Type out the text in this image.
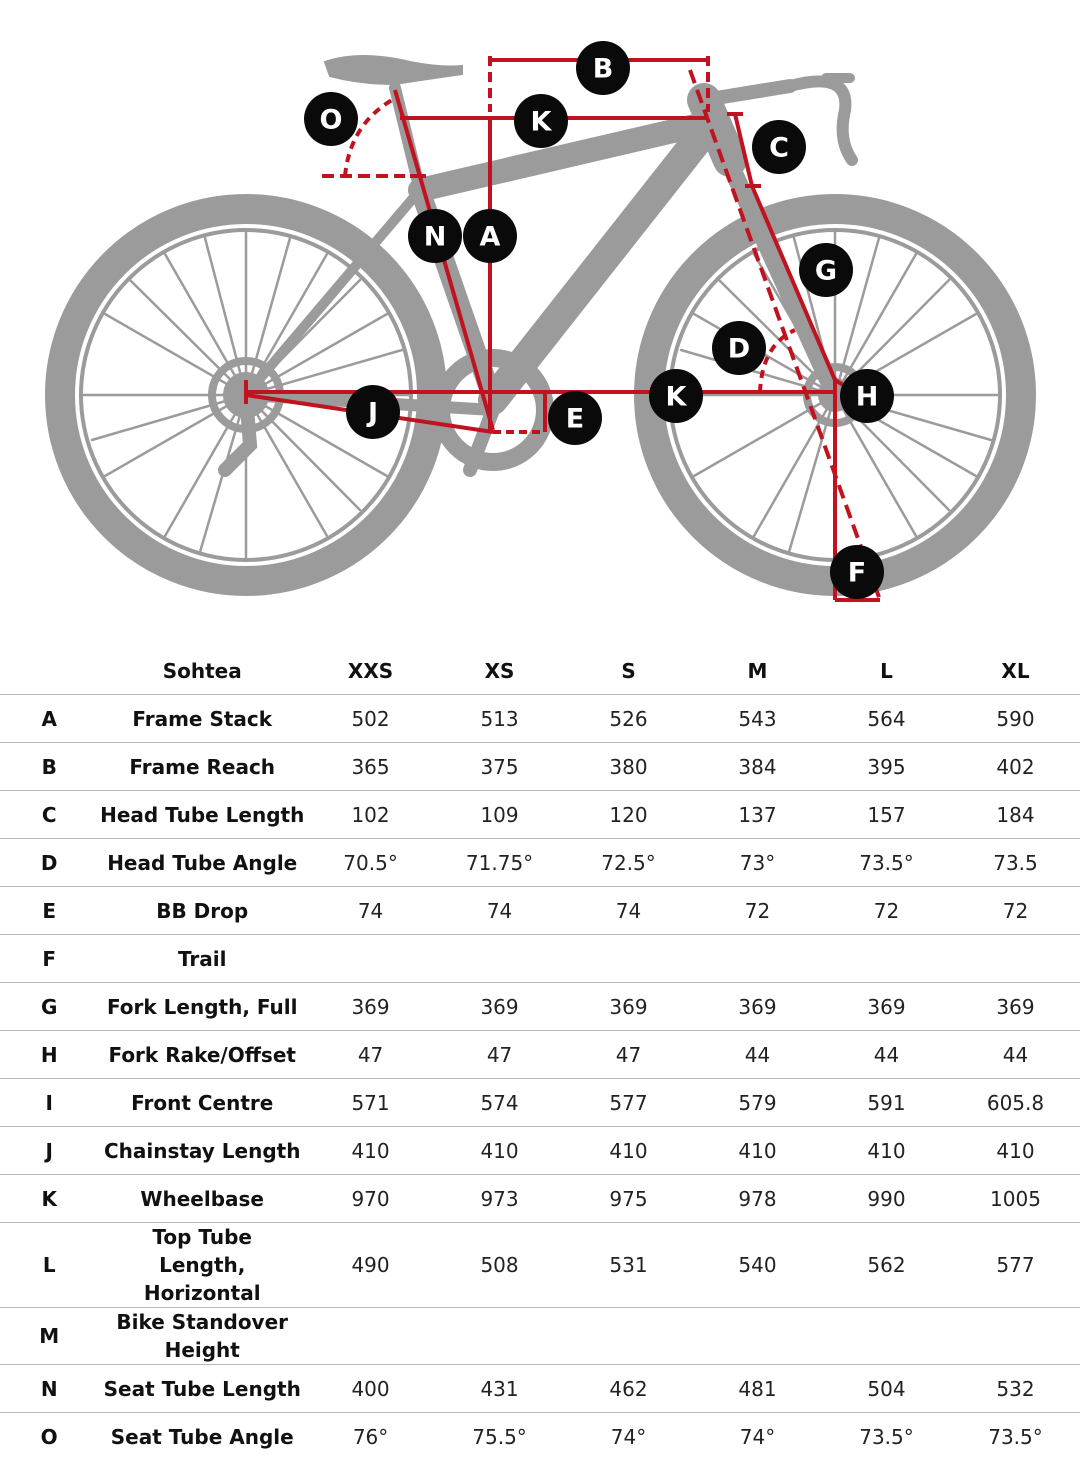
B
K
O
C
N A
G
D
K	H
J	E
F
	Sohtea	XXS	XS	S	M	L	XL
A	Frame Stack	502	513	526	543	564	590
B	Frame Reach	365	375	380	384	395	402
C	Head Tube Length	102	109	120	137	157	184
D	Head Tube Angle	70.5°	71.75°	72.5°	73°	73.5°	73.5
E	BB Drop	74	74	74	72	72	72
F	Trail						
G	Fork Length, Full	369	369	369	369	369	369
H	Fork Rake/Offset	47	47	47	44	44	44
I	Front Centre	571	574	577	579	591	605.8
J	Chainstay Length	410	410	410	410	410	410
K	Wheelbase	970	973	975	978	990	1005
L	Top Tube Length, Horizontal	490	508	531	540	562	577
M	Bike Standover Height						
N	Seat Tube Length	400	431	462	481	504	532
O	Seat Tube Angle	76°	75.5°	74°	74°	73.5°	73.5°
